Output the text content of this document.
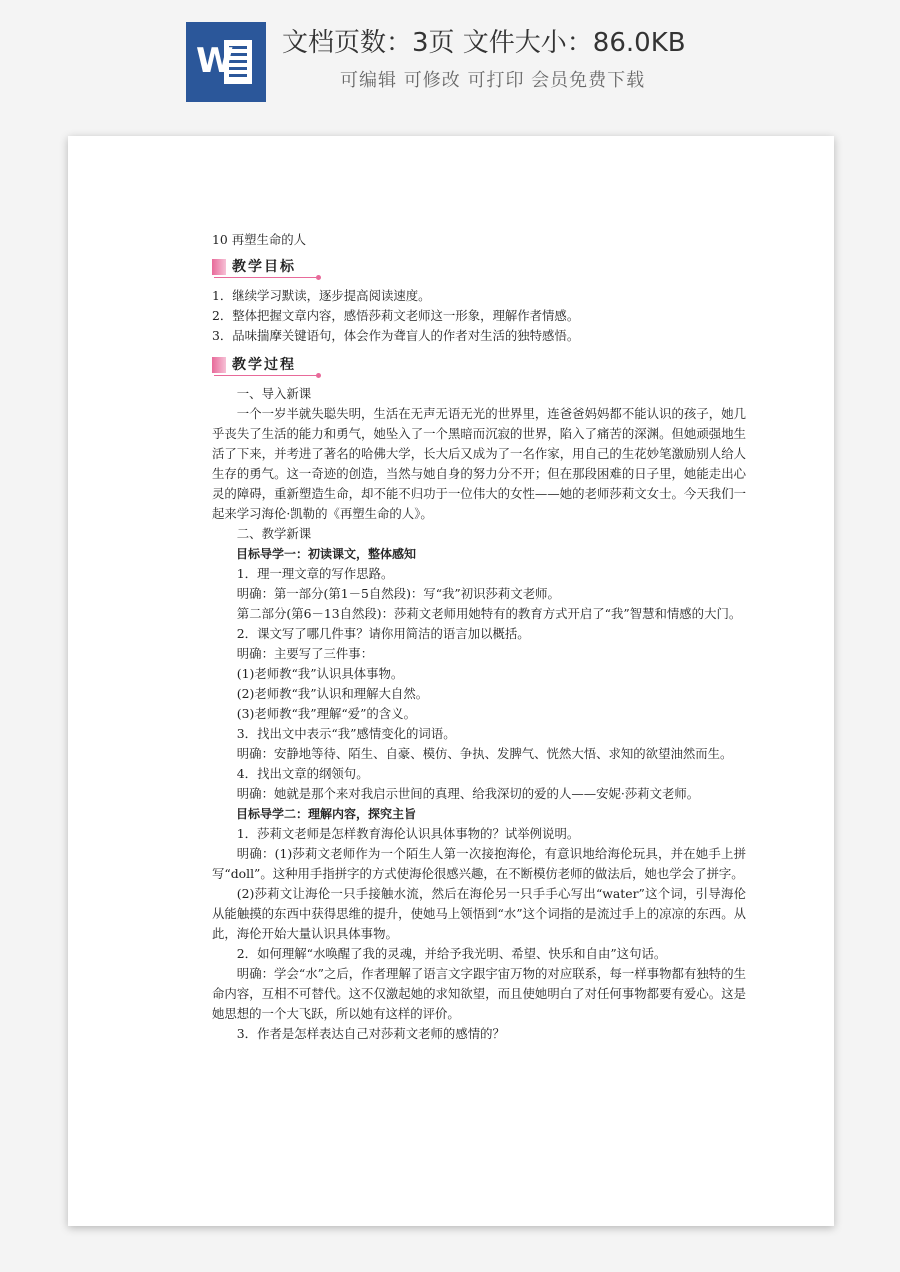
W 文档页数：3页 文件大小：86.0KB
可编辑 可修改 可打印 会员免费下载

10 再塑生命的人

教学目标

1．继续学习默读，逐步提高阅读速度。

2．整体把握文章内容，感悟莎莉文老师这一形象，理解作者情感。

3．品味揣摩关键语句，体会作为聋盲人的作者对生活的独特感悟。

教学过程

一、导入新课

一个一岁半就失聪失明，生活在无声无语无光的世界里，连爸爸妈妈都不能认识的孩子，她几乎丧失了生活的能力和勇气，她坠入了一个黑暗而沉寂的世界，陷入了痛苦的深渊。但她顽强地生活了下来，并考进了著名的哈佛大学，长大后又成为了一名作家，用自己的生花妙笔激励别人给人生存的勇气。这一奇迹的创造，当然与她自身的努力分不开；但在那段困难的日子里，她能走出心灵的障碍，重新塑造生命，却不能不归功于一位伟大的女性——她的老师莎莉文女士。今天我们一起来学习海伦·凯勒的《再塑生命的人》。

二、教学新课

目标导学一：初读课文，整体感知

1．理一理文章的写作思路。

明确：第一部分(第1－5自然段)：写“我”初识莎莉文老师。

第二部分(第6－13自然段)：莎莉文老师用她特有的教育方式开启了“我”智慧和情感的大门。

2．课文写了哪几件事？请你用简洁的语言加以概括。

明确：主要写了三件事：

(1)老师教“我”认识具体事物。

(2)老师教“我”认识和理解大自然。

(3)老师教“我”理解“爱”的含义。

3．找出文中表示“我”感情变化的词语。

明确：安静地等待、陌生、自豪、模仿、争执、发脾气、恍然大悟、求知的欲望油然而生。

4．找出文章的纲领句。

明确：她就是那个来对我启示世间的真理、给我深切的爱的人——安妮·莎莉文老师。

目标导学二：理解内容，探究主旨

1．莎莉文老师是怎样教育海伦认识具体事物的？试举例说明。

明确：(1)莎莉文老师作为一个陌生人第一次接抱海伦，有意识地给海伦玩具，并在她手上拼写“doll”。这种用手指拼字的方式使海伦很感兴趣，在不断模仿老师的做法后，她也学会了拼字。

(2)莎莉文让海伦一只手接触水流，然后在海伦另一只手手心写出“water”这个词，引导海伦从能触摸的东西中获得思维的提升，使她马上领悟到“水”这个词指的是流过手上的凉凉的东西。从此，海伦开始大量认识具体事物。

2．如何理解“水唤醒了我的灵魂，并给予我光明、希望、快乐和自由”这句话。

明确：学会“水”之后，作者理解了语言文字跟宇宙万物的对应联系，每一样事物都有独特的生命内容，互相不可替代。这不仅激起她的求知欲望，而且使她明白了对任何事物都要有爱心。这是她思想的一个大飞跃，所以她有这样的评价。

3．作者是怎样表达自己对莎莉文老师的感情的？
